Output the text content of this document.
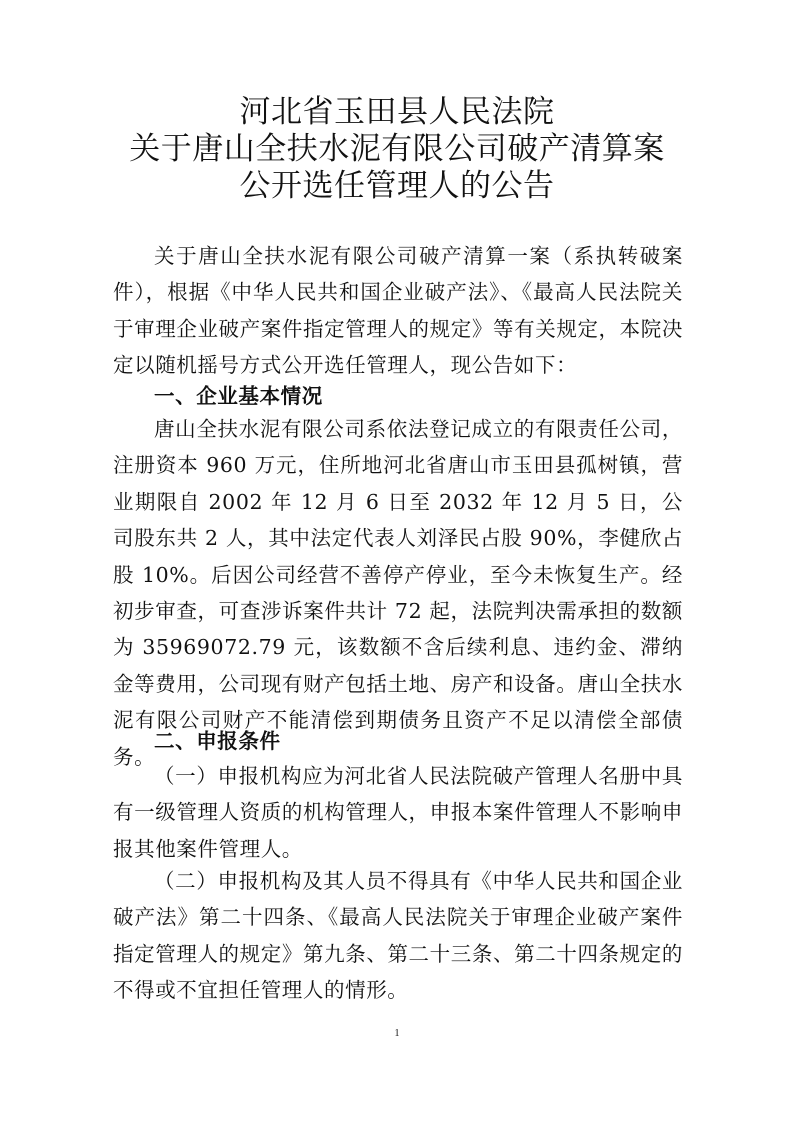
河北省玉田县人民法院
关于唐山全扶水泥有限公司破产清算案
公开选任管理人的公告
关于唐山全扶水泥有限公司破产清算一案（系执转破案件），根据《中华人民共和国企业破产法》、《最高人民法院关于审理企业破产案件指定管理人的规定》等有关规定，本院决定以随机摇号方式公开选任管理人，现公告如下：
一、企业基本情况
唐山全扶水泥有限公司系依法登记成立的有限责任公司，注册资本 960 万元，住所地河北省唐山市玉田县孤树镇，营业期限自 2002 年 12 月 6 日至 2032 年 12 月 5 日，公司股东共 2 人，其中法定代表人刘泽民占股 90%，李健欣占股 10%。后因公司经营不善停产停业，至今未恢复生产。经初步审查，可查涉诉案件共计 72 起，法院判决需承担的数额为 35969072.79 元，该数额不含后续利息、违约金、滞纳金等费用，公司现有财产包括土地、房产和设备。唐山全扶水泥有限公司财产不能清偿到期债务且资产不足以清偿全部债务。
二、申报条件
（一）申报机构应为河北省人民法院破产管理人名册中具有一级管理人资质的机构管理人，申报本案件管理人不影响申报其他案件管理人。
（二）申报机构及其人员不得具有《中华人民共和国企业破产法》第二十四条、《最高人民法院关于审理企业破产案件指定管理人的规定》第九条、第二十三条、第二十四条规定的不得或不宜担任管理人的情形。
1
